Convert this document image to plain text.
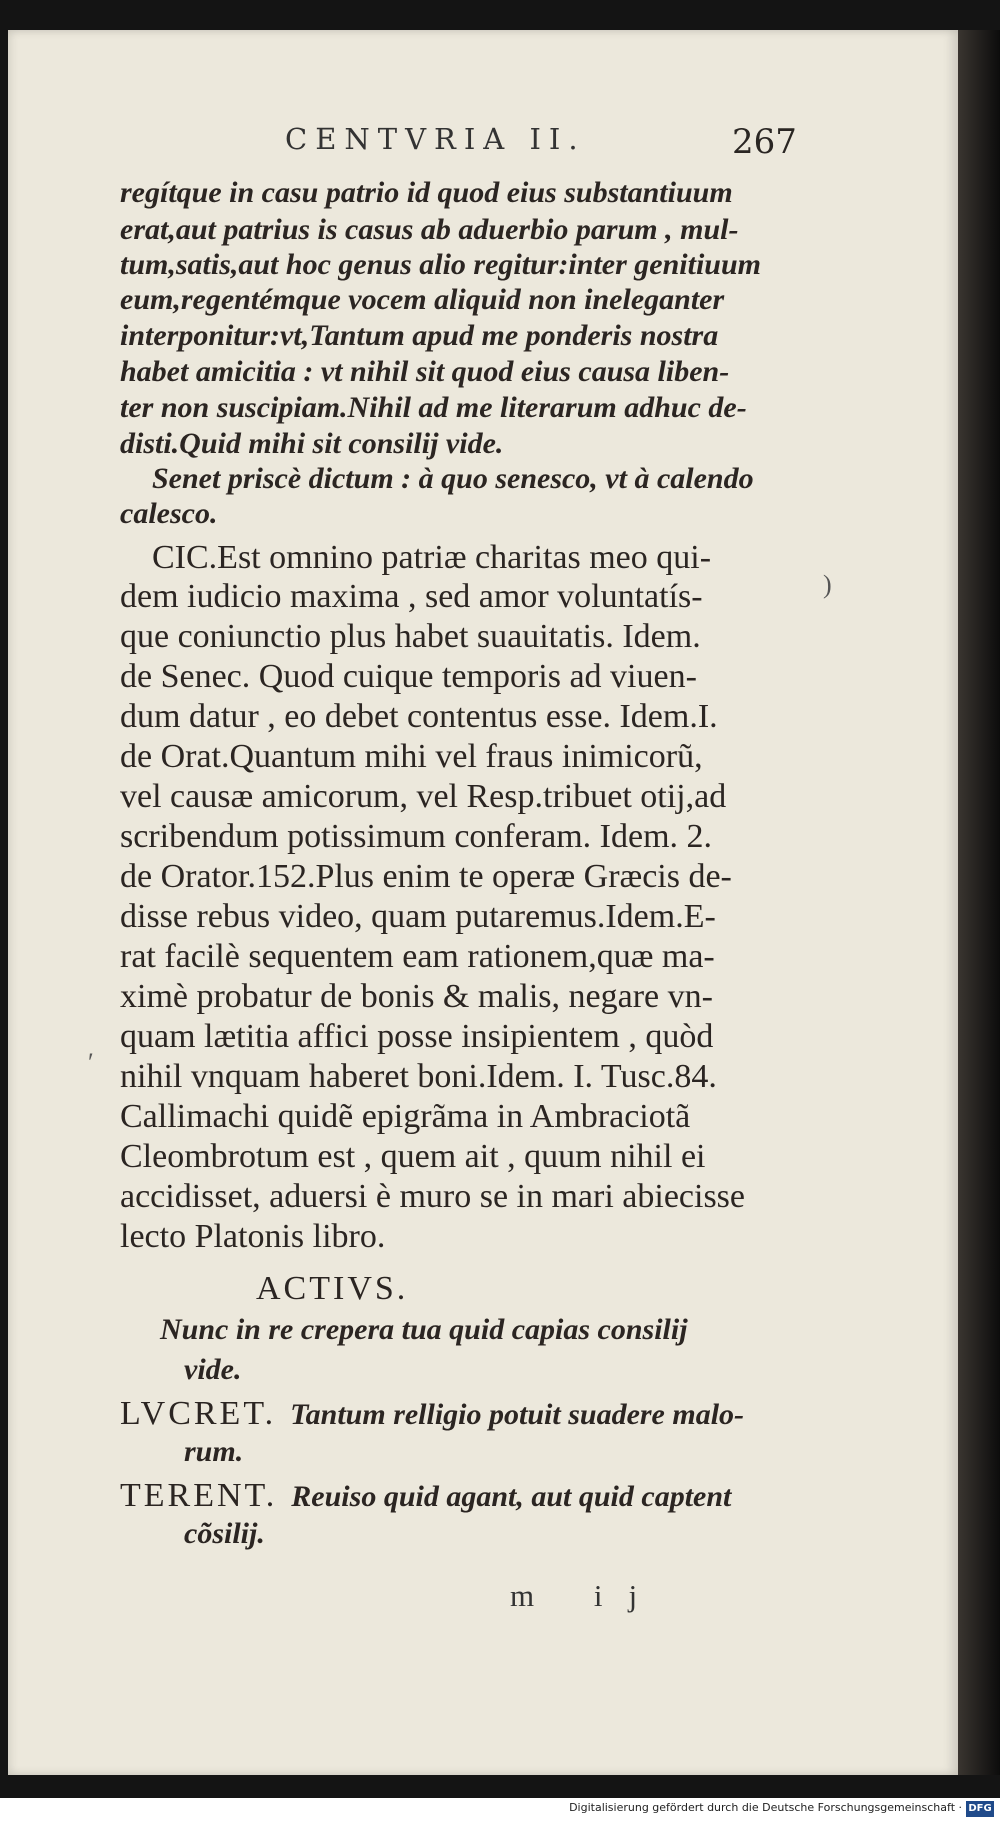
CENTVRIA II.	267
regítque in casu patrio id quod eius substantiuum
erat,aut patrius is casus ab aduerbio parum , mul-
tum,satis,aut hoc genus alio regitur:inter genitiuum
eum,regentémque vocem aliquid non ineleganter
interponitur:vt,Tantum apud me ponderis nostra
habet amicitia : vt nihil sit quod eius causa liben-
ter non suscipiam.Nihil ad me literarum adhuc de-
disti.Quid mihi sit consilij vide.
Senet priscè dictum : à quo senesco, vt à calendo
calesco.
CIC.Est omnino patriæ charitas meo qui-
dem iudicio maxima , sed amor voluntatís-
que coniunctio plus habet suauitatis. Idem.
de Senec. Quod cuique temporis ad viuen-
dum datur , eo debet contentus esse. Idem.I.
de Orat.Quantum mihi vel fraus inimicorũ,
vel causæ amicorum, vel Resp.tribuet otij,ad
scribendum potissimum conferam. Idem. 2.
de Orator.152.Plus enim te operæ Græcis de-
disse rebus video, quam putaremus.Idem.E-
rat facilè sequentem eam rationem,quæ ma-
ximè probatur de bonis & malis, negare vn-
quam lætitia affici posse insipientem , quòd
nihil vnquam haberet boni.Idem. I. Tusc.84.
Callimachi quidẽ epigrãma in Ambraciotã
Cleombrotum est , quem ait , quum nihil ei
accidisset, aduersi è muro se in mari abiecisse
lecto Platonis libro.
ACTIVS.
Nunc in re crepera tua quid capias consilij
vide.
LVCRET. Tantum relligio potuit suadere malo-
rum.
TERENT. Reuiso quid agant, aut quid captent
cõsilij.
m ij
)
′
Digitalisierung gefördert durch die Deutsche Forschungsgemeinschaft · DFG
